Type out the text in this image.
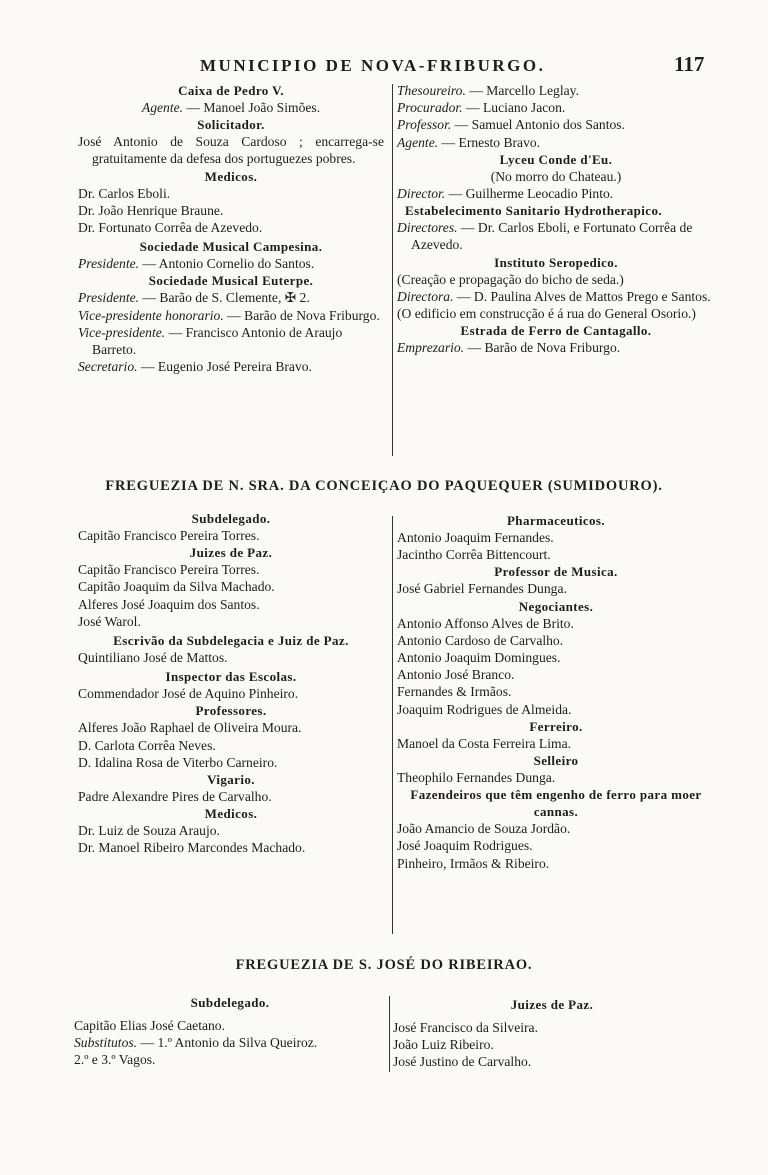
MUNICIPIO DE NOVA-FRIBURGO.	117
Caixa de Pedro V.
Agente. — Manoel João Simões.
Solicitador.
José Antonio de Souza Cardoso ; encarrega-se gratuitamente da defesa dos portuguezes pobres.
Medicos.
Dr. Carlos Eboli.
Dr. João Henrique Braune.
Dr. Fortunato Corrêa de Azevedo.
Sociedade Musical Campesina.
Presidente. — Antonio Cornelio do Santos.
Sociedade Musical Euterpe.
Presidente. — Barão de S. Clemente, ✠ 2.
Vice-presidente honorario. — Barão de Nova Friburgo.
Vice-presidente. — Francisco Antonio de Araujo Barreto.
Secretario. — Eugenio José Pereira Bravo.
Thesoureiro. — Marcello Leglay.
Procurador. — Luciano Jacon.
Professor. — Samuel Antonio dos Santos.
Agente. — Ernesto Bravo.
Lyceu Conde d'Eu.
(No morro do Chateau.)
Director. — Guilherme Leocadio Pinto.
Estabelecimento Sanitario Hydrotherapico.
Directores. — Dr. Carlos Eboli, e Fortunato Corrêa de Azevedo.
Instituto Seropedico.
(Creação e propagação do bicho de seda.)
Directora. — D. Paulina Alves de Mattos Prego e Santos.
(O edificio em construcção é á rua do General Osorio.)
Estrada de Ferro de Cantagallo.
Emprezario. — Barão de Nova Friburgo.
FREGUEZIA DE N. SRA. DA CONCEIÇAO DO PAQUEQUER (SUMIDOURO).
Subdelegado.
Capitão Francisco Pereira Torres.
Juizes de Paz.
Capitão Francisco Pereira Torres.
Capitão Joaquim da Silva Machado.
Alferes José Joaquim dos Santos.
José Warol.
Escrivão da Subdelegacia e Juiz de Paz.
Quintiliano José de Mattos.
Inspector das Escolas.
Commendador José de Aquino Pinheiro.
Professores.
Alferes João Raphael de Oliveira Moura.
D. Carlota Corrêa Neves.
D. Idalina Rosa de Viterbo Carneiro.
Vigario.
Padre Alexandre Pires de Carvalho.
Medicos.
Dr. Luiz de Souza Araujo.
Dr. Manoel Ribeiro Marcondes Machado.
Pharmaceuticos.
Antonio Joaquim Fernandes.
Jacintho Corrêa Bittencourt.
Professor de Musica.
José Gabriel Fernandes Dunga.
Negociantes.
Antonio Affonso Alves de Brito.
Antonio Cardoso de Carvalho.
Antonio Joaquim Domingues.
Antonio José Branco.
Fernandes & Irmãos.
Joaquim Rodrigues de Almeida.
Ferreiro.
Manoel da Costa Ferreira Lima.
Selleiro
Theophilo Fernandes Dunga.
Fazendeiros que têm engenho de ferro para moer cannas.
João Amancio de Souza Jordão.
José Joaquim Rodrigues.
Pinheiro, Irmãos & Ribeiro.
FREGUEZIA DE S. JOSÉ DO RIBEIRAO.
Subdelegado.
Capitão Elias José Caetano.
Substitutos. — 1.º Antonio da Silva Queiroz.
2.º e 3.º Vagos.
Juizes de Paz.
José Francisco da Silveira.
João Luiz Ribeiro.
José Justino de Carvalho.
